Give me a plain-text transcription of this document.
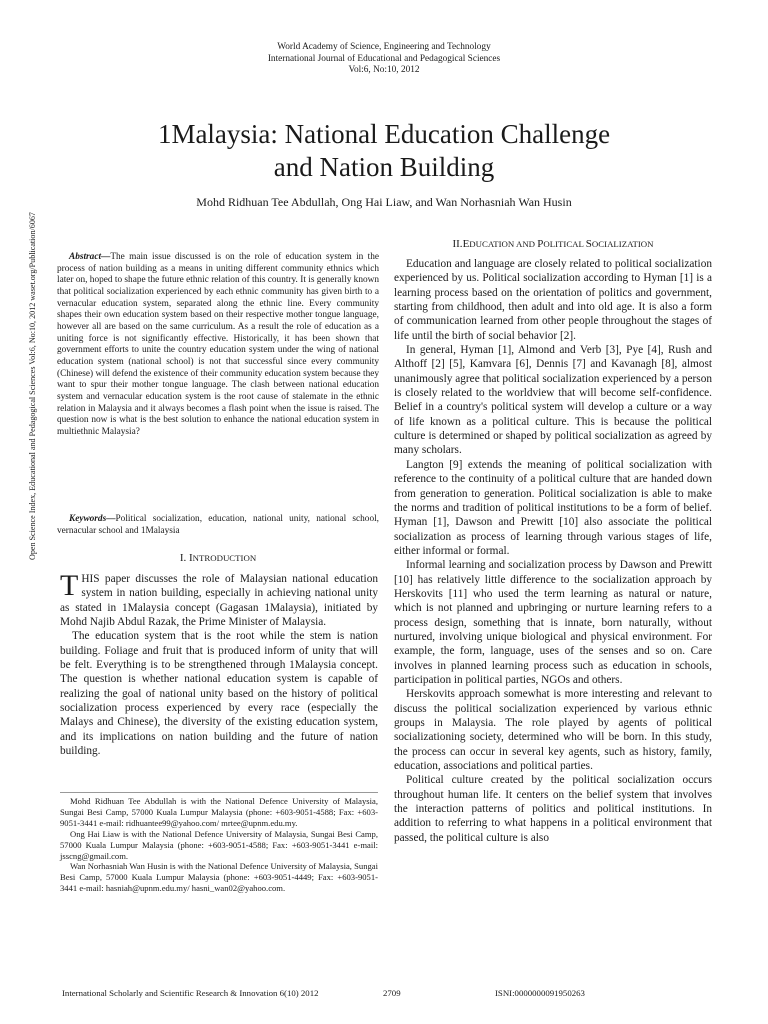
World Academy of Science, Engineering and Technology
International Journal of Educational and Pedagogical Sciences
Vol:6, No:10, 2012
1Malaysia: National Education Challenge
and Nation Building
Mohd Ridhuan Tee Abdullah, Ong Hai Liaw, and Wan Norhasniah Wan Husin
Open Science Index, Educational and Pedagogical Sciences Vol:6, No:10, 2012 waset.org/Publication/6067	Abstract—The main issue discussed is on the role of education system in the process of nation building as a means in uniting different community ethnics which later on, hoped to shape the future ethnic relation of this country. It is generally known that political socialization experienced by each ethnic community has given birth to a vernacular education system, separated along the ethnic line. Every community shapes their own education system based on their respective mother tongue language, however all are based on the same curriculum. As a result the role of education as a uniting force is not significantly effective. Historically, it has been shown that government efforts to unite the country education system under the wing of national education system (national school) is not that successful since every community (Chinese) will defend the existence of their community education system because they want to spur their mother tongue language. The clash between national education system and vernacular education system is the root cause of stalemate in the ethnic relation in Malaysia and it always becomes a flash point when the issue is raised. The question now is what is the best solution to enhance the national education system in multiethnic Malaysia?
Keywords—Political socialization, education, national unity, national school, vernacular school and 1Malaysia
I. INTRODUCTION

THIS paper discusses the role of Malaysian national education system in nation building, especially in achieving national unity as stated in 1Malaysia concept (Gagasan 1Malaysia), initiated by Mohd Najib Abdul Razak, the Prime Minister of Malaysia.

The education system that is the root while the stem is nation building. Foliage and fruit that is produced inform of unity that will be felt. Everything is to be strengthened through 1Malaysia concept. The question is whether national education system is capable of realizing the goal of national unity based on the history of political socialization process experienced by every race (especially the Malays and Chinese), the diversity of the existing education system, and its implications on nation building and the future of nation building.

Mohd Ridhuan Tee Abdullah is with the National Defence University of Malaysia, Sungai Besi Camp, 57000 Kuala Lumpur Malaysia (phone: +603-9051-4588; Fax: +603-9051-3441 e-mail: ridhuantee99@yahoo.com/ mrtee@upnm.edu.my.

Ong Hai Liaw is with the National Defence University of Malaysia, Sungai Besi Camp, 57000 Kuala Lumpur Malaysia (phone: +603-9051-4588; Fax: +603-9051-3441 e-mail: jsscng@gmail.com.

Wan Norhasniah Wan Husin is with the National Defence University of Malaysia, Sungai Besi Camp, 57000 Kuala Lumpur Malaysia (phone: +603-9051-4449; Fax: +603-9051-3441 e-mail: hasniah@upnm.edu.my/ hasni_wan02@yahoo.com.

II.EDUCATION AND POLITICAL SOCIALIZATION

Education and language are closely related to political socialization experienced by us. Political socialization according to Hyman [1] is a learning process based on the orientation of politics and government, starting from childhood, then adult and into old age. It is also a form of communication learned from other people throughout the stages of life until the birth of social behavior [2].

In general, Hyman [1], Almond and Verb [3], Pye [4], Rush and Althoff [2] [5], Kamvara [6], Dennis [7] and Kavanagh [8], almost unanimously agree that political socialization experienced by a person is closely related to the worldview that will become self-confidence. Belief in a country's political system will develop a culture or a way of life known as a political culture. This is because the political culture is determined or shaped by political socialization as agreed by many scholars.

Langton [9] extends the meaning of political socialization with reference to the continuity of a political culture that are handed down from generation to generation. Political socialization is able to make the norms and tradition of political institutions to be a form of belief. Hyman [1], Dawson and Prewitt [10] also associate the political socialization as process of learning through various stages of life, either informal or formal.

Informal learning and socialization process by Dawson and Prewitt [10] has relatively little difference to the socialization approach by Herskovits [11] who used the term learning as natural or nature, which is not planned and upbringing or nurture learning refers to a process design, something that is innate, born naturally, without nurtured, involving unique biological and physical environment. For example, the form, language, uses of the senses and so on. Care involves in planned learning process such as education in schools, participation in political parties, NGOs and others.

Herskovits approach somewhat is more interesting and relevant to discuss the political socialization experienced by various ethnic groups in Malaysia. The role played by agents of political socializationing society, determined who will be born. In this study, the process can occur in several key agents, such as history, family, education, associations and political parties.

Political culture created by the political socialization occurs throughout human life. It centers on the belief system that involves the interaction patterns of politics and political institutions. In addition to referring to what happens in a political environment that passed, the political culture is also

International Scholarly and Scientific Research & Innovation 6(10) 2012	2709	ISNI:0000000091950263
